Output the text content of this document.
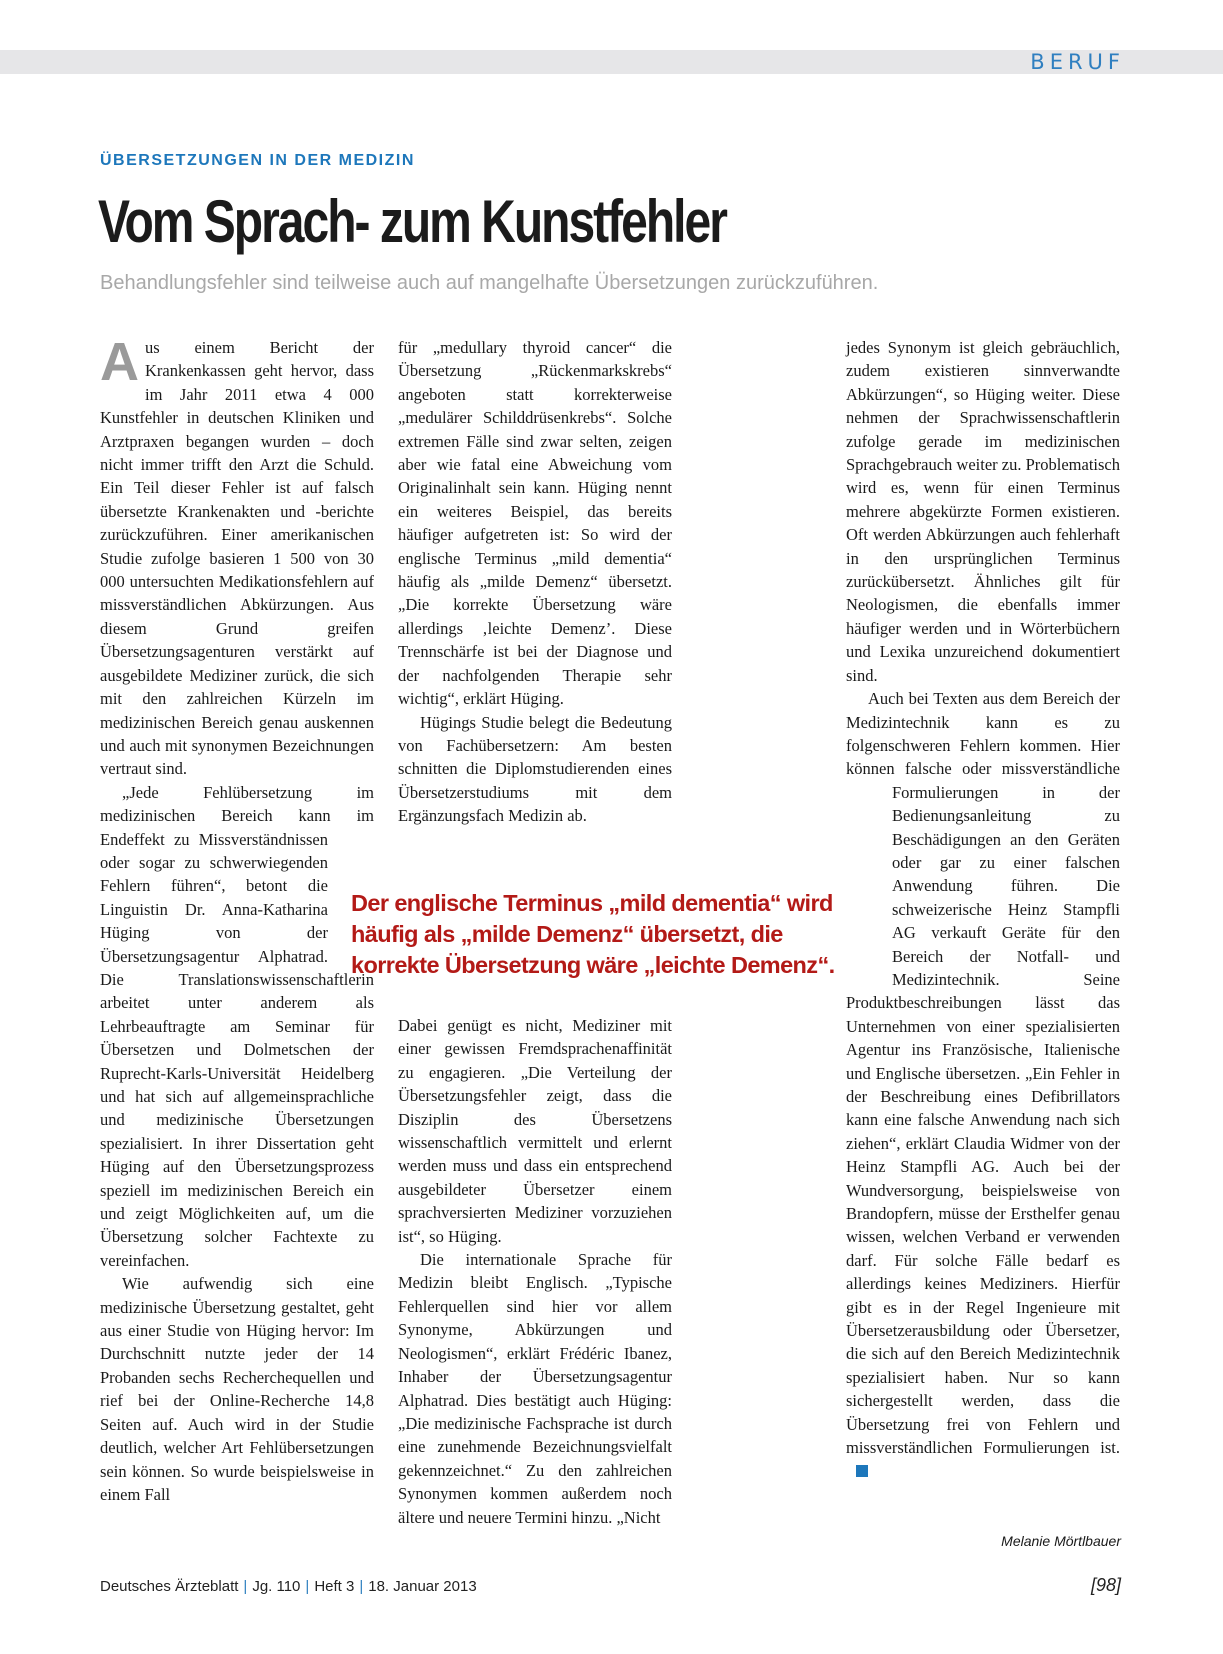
BERUF
ÜBERSETZUNGEN IN DER MEDIZIN
Vom Sprach- zum Kunstfehler
Behandlungsfehler sind teilweise auch auf mangelhafte Übersetzungen zurückzuführen.

Aus einem Bericht der Krankenkassen geht hervor, dass im Jahr 2011 etwa 4 000 Kunstfehler in deutschen Kliniken und Arztpraxen begangen wurden – doch nicht immer trifft den Arzt die Schuld. Ein Teil dieser Fehler ist auf falsch übersetzte Krankenakten und -berichte zurückzuführen. Einer amerikanischen Studie zufolge basieren 1 500 von 30 000 untersuchten Medikationsfehlern auf missverständlichen Abkürzungen. Aus diesem Grund greifen Übersetzungsagenturen verstärkt auf ausgebildete Mediziner zurück, die sich mit den zahlreichen Kürzeln im medizinischen Bereich genau auskennen und auch mit synonymen Bezeichnungen vertraut sind.

„Jede Fehlübersetzung im medizinischen Bereich kann im Endeffekt zu Missverständnissen oder sogar zu schwerwiegenden Fehlern führen“, betont die Linguistin Dr. Anna-Katharina Hüging von der Übersetzungsagentur Alphatrad. Die Translationswissenschaftlerin arbeitet unter anderem als Lehrbeauftragte am Seminar für Übersetzen und Dolmetschen der Ruprecht-Karls-Universität Heidelberg und hat sich auf allgemeinsprachliche und medizinische Übersetzungen spezialisiert. In ihrer Dissertation geht Hüging auf den Übersetzungsprozess speziell im medizinischen Bereich ein und zeigt Möglichkeiten auf, um die Übersetzung solcher Fachtexte zu vereinfachen.

Wie aufwendig sich eine medizinische Übersetzung gestaltet, geht aus einer Studie von Hüging hervor: Im Durchschnitt nutzte jeder der 14 Probanden sechs Recherchequellen und rief bei der Online-Recherche 14,8 Seiten auf. Auch wird in der Studie deutlich, welcher Art Fehlübersetzungen sein können. So wurde beispielsweise in einem Fall

für „medullary thyroid cancer“ die Übersetzung „Rückenmarkskrebs“ angeboten statt korrekterweise „medulärer Schilddrüsenkrebs“. Solche extremen Fälle sind zwar selten, zeigen aber wie fatal eine Abweichung vom Originalinhalt sein kann. Hüging nennt ein weiteres Beispiel, das bereits häufiger aufgetreten ist: So wird der englische Terminus „mild dementia“ häufig als „milde Demenz“ übersetzt. „Die korrekte Übersetzung wäre allerdings ‚leichte Demenz’. Diese Trennschärfe ist bei der Diagnose und der nachfolgenden Therapie sehr wichtig“, erklärt Hüging.

Hügings Studie belegt die Bedeutung von Fachübersetzern: Am besten schnitten die Diplomstudierenden eines Übersetzerstudiums mit dem Ergänzungsfach Medizin ab.

Der englische Terminus „mild dementia“ wird häufig als „milde Demenz“ übersetzt, die korrekte Übersetzung wäre „leichte Demenz“.

Dabei genügt es nicht, Mediziner mit einer gewissen Fremdsprachenaffinität zu engagieren. „Die Verteilung der Übersetzungsfehler zeigt, dass die Disziplin des Übersetzens wissenschaftlich vermittelt und erlernt werden muss und dass ein entsprechend ausgebildeter Übersetzer einem sprachversierten Mediziner vorzuziehen ist“, so Hüging.

Die internationale Sprache für Medizin bleibt Englisch. „Typische Fehlerquellen sind hier vor allem Synonyme, Abkürzungen und Neologismen“, erklärt Frédéric Ibanez, Inhaber der Übersetzungsagentur Alphatrad. Dies bestätigt auch Hüging: „Die medizinische Fachsprache ist durch eine zunehmende Bezeichnungsvielfalt gekennzeichnet.“ Zu den zahlreichen Synonymen kommen außerdem noch ältere und neuere Termini hinzu. „Nicht

jedes Synonym ist gleich gebräuchlich, zudem existieren sinnverwandte Abkürzungen“, so Hüging weiter. Diese nehmen der Sprachwissenschaftlerin zufolge gerade im medizinischen Sprachgebrauch weiter zu. Problematisch wird es, wenn für einen Terminus mehrere abgekürzte Formen existieren. Oft werden Abkürzungen auch fehlerhaft in den ursprünglichen Terminus zurückübersetzt. Ähnliches gilt für Neologismen, die ebenfalls immer häufiger werden und in Wörterbüchern und Lexika unzureichend dokumentiert sind.

Auch bei Texten aus dem Bereich der Medizintechnik kann es zu folgenschweren Fehlern kommen. Hier können falsche oder missverständliche Formulierungen in der Bedienungsanleitung zu Beschädigungen an den Geräten oder gar zu einer falschen Anwendung führen. Die schweizerische Heinz Stampfli AG verkauft Geräte für den Bereich der Notfall- und Medizintechnik. Seine Produktbeschreibungen lässt das Unternehmen von einer spezialisierten Agentur ins Französische, Italienische und Englische übersetzen. „Ein Fehler in der Beschreibung eines Defibrillators kann eine falsche Anwendung nach sich ziehen“, erklärt Claudia Widmer von der Heinz Stampfli AG. Auch bei der Wundversorgung, beispielsweise von Brandopfern, müsse der Ersthelfer genau wissen, welchen Verband er verwenden darf. Für solche Fälle bedarf es allerdings keines Mediziners. Hierfür gibt es in der Regel Ingenieure mit Übersetzerausbildung oder Übersetzer, die sich auf den Bereich Medizintechnik spezialisiert haben. Nur so kann sichergestellt werden, dass die Übersetzung frei von Fehlern und missverständlichen Formulierungen ist.

Melanie Mörtlbauer
Deutsches Ärzteblatt | Jg. 110 | Heft 3 | 18. Januar 2013	[98]
